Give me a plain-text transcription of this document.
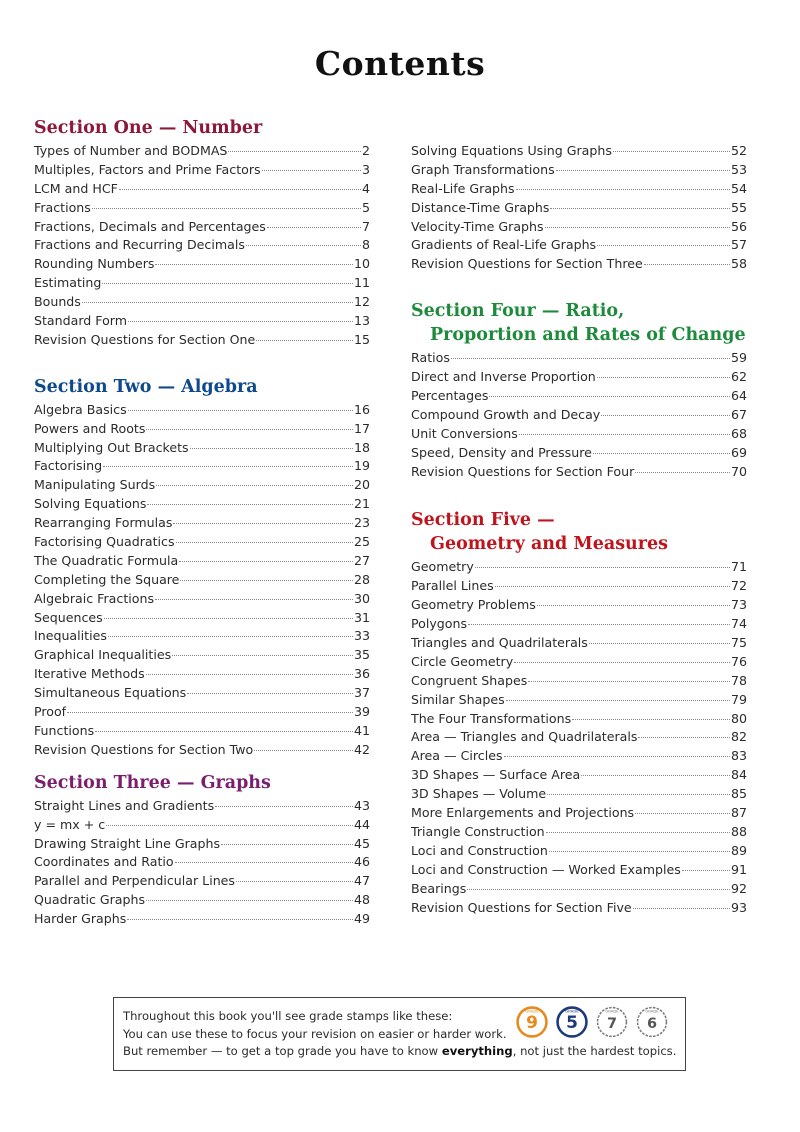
Contents
Section One — Number
Types of Number and BODMAS	2
Multiples, Factors and Prime Factors	3
LCM and HCF	4
Fractions	5
Fractions, Decimals and Percentages	7
Fractions and Recurring Decimals	8
Rounding Numbers	10
Estimating	11
Bounds	12
Standard Form	13
Revision Questions for Section One	15
Section Two — Algebra
Algebra Basics	16
Powers and Roots	17
Multiplying Out Brackets	18
Factorising	19
Manipulating Surds	20
Solving Equations	21
Rearranging Formulas	23
Factorising Quadratics	25
The Quadratic Formula	27
Completing the Square	28
Algebraic Fractions	30
Sequences	31
Inequalities	33
Graphical Inequalities	35
Iterative Methods	36
Simultaneous Equations	37
Proof	39
Functions	41
Revision Questions for Section Two	42
Section Three — Graphs
Straight Lines and Gradients	43
y = mx + c	44
Drawing Straight Line Graphs	45
Coordinates and Ratio	46
Parallel and Perpendicular Lines	47
Quadratic Graphs	48
Harder Graphs	49
Solving Equations Using Graphs	52
Graph Transformations	53
Real-Life Graphs	54
Distance-Time Graphs	55
Velocity-Time Graphs	56
Gradients of Real-Life Graphs	57
Revision Questions for Section Three	58
Section Four — Ratio,
Proportion and Rates of Change
Ratios	59
Direct and Inverse Proportion	62
Percentages	64
Compound Growth and Decay	67
Unit Conversions	68
Speed, Density and Pressure	69
Revision Questions for Section Four	70
Section Five —
Geometry and Measures
Geometry	71
Parallel Lines	72
Geometry Problems	73
Polygons	74
Triangles and Quadrilaterals	75
Circle Geometry	76
Congruent Shapes	78
Similar Shapes	79
The Four Transformations	80
Area — Triangles and Quadrilaterals	82
Area — Circles	83
3D Shapes — Surface Area	84
3D Shapes — Volume	85
More Enlargements and Projections	87
Triangle Construction	88
Loci and Construction	89
Loci and Construction — Worked Examples	91
Bearings	92
Revision Questions for Section Five	93
Throughout this book you'll see grade stamps like these:
You can use these to focus your revision on easier or harder work.
But remember — to get a top grade you have to know everything, not just the hardest topics.
9
GRADE
5
GRADE
7
GRADE
6
GRADE
